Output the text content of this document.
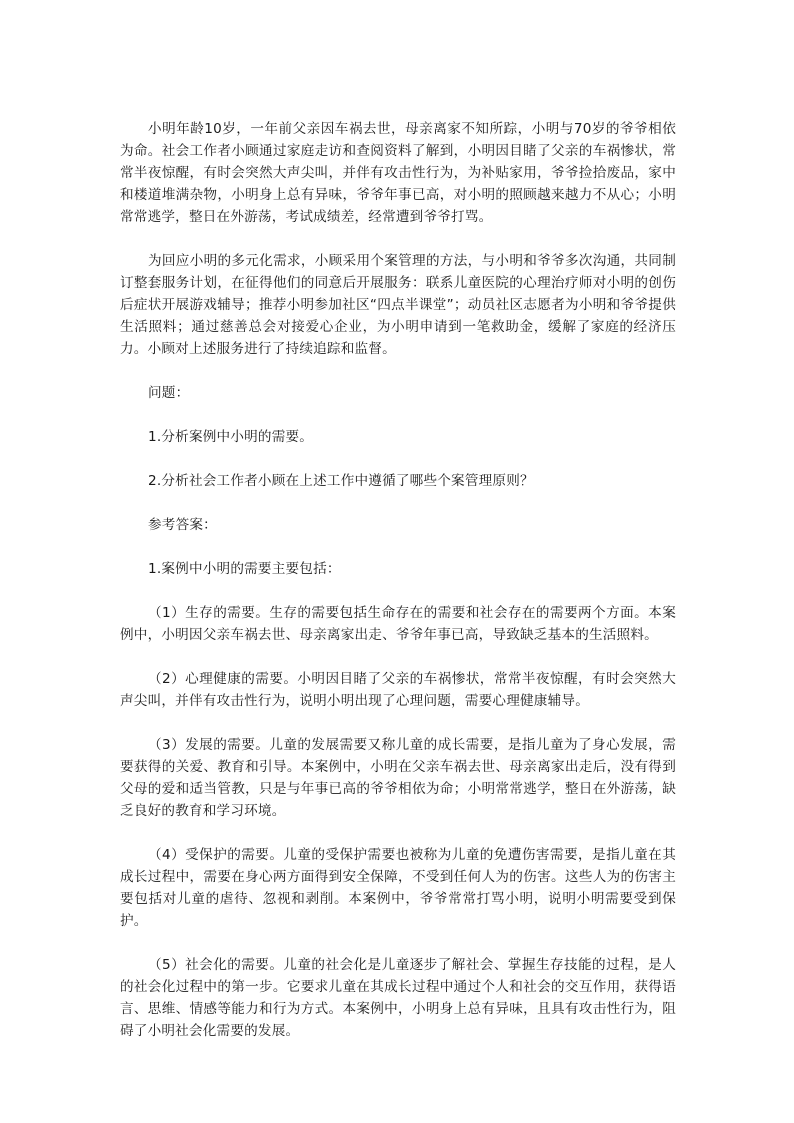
小明年龄10岁，一年前父亲因车祸去世，母亲离家不知所踪，小明与70岁的爷爷相依为命。社会工作者小顾通过家庭走访和查阅资料了解到，小明因目睹了父亲的车祸惨状，常常半夜惊醒，有时会突然大声尖叫，并伴有攻击性行为，为补贴家用，爷爷捡拾废品，家中和楼道堆满杂物，小明身上总有异味，爷爷年事已高，对小明的照顾越来越力不从心；小明常常逃学，整日在外游荡，考试成绩差，经常遭到爷爷打骂。

为回应小明的多元化需求，小顾采用个案管理的方法，与小明和爷爷多次沟通，共同制订整套服务计划，在征得他们的同意后开展服务：联系儿童医院的心理治疗师对小明的创伤后症状开展游戏辅导；推荐小明参加社区“四点半课堂”；动员社区志愿者为小明和爷爷提供生活照料；通过慈善总会对接爱心企业，为小明申请到一笔救助金，缓解了家庭的经济压力。小顾对上述服务进行了持续追踪和监督。

问题：

1.分析案例中小明的需要。

2.分析社会工作者小顾在上述工作中遵循了哪些个案管理原则？

参考答案：

1.案例中小明的需要主要包括：

（1）生存的需要。生存的需要包括生命存在的需要和社会存在的需要两个方面。本案例中，小明因父亲车祸去世、母亲离家出走、爷爷年事已高，导致缺乏基本的生活照料。

（2）心理健康的需要。小明因目睹了父亲的车祸惨状，常常半夜惊醒，有时会突然大声尖叫，并伴有攻击性行为，说明小明出现了心理问题，需要心理健康辅导。

（3）发展的需要。儿童的发展需要又称儿童的成长需要，是指儿童为了身心发展，需要获得的关爱、教育和引导。本案例中，小明在父亲车祸去世、母亲离家出走后，没有得到父母的爱和适当管教，只是与年事已高的爷爷相依为命；小明常常逃学，整日在外游荡，缺乏良好的教育和学习环境。

（4）受保护的需要。儿童的受保护需要也被称为儿童的免遭伤害需要，是指儿童在其成长过程中，需要在身心两方面得到安全保障，不受到任何人为的伤害。这些人为的伤害主要包括对儿童的虐待、忽视和剥削。本案例中，爷爷常常打骂小明，说明小明需要受到保护。

（5）社会化的需要。儿童的社会化是儿童逐步了解社会、掌握生存技能的过程，是人的社会化过程中的第一步。它要求儿童在其成长过程中通过个人和社会的交互作用，获得语言、思维、情感等能力和行为方式。本案例中，小明身上总有异味，且具有攻击性行为，阻碍了小明社会化需要的发展。
